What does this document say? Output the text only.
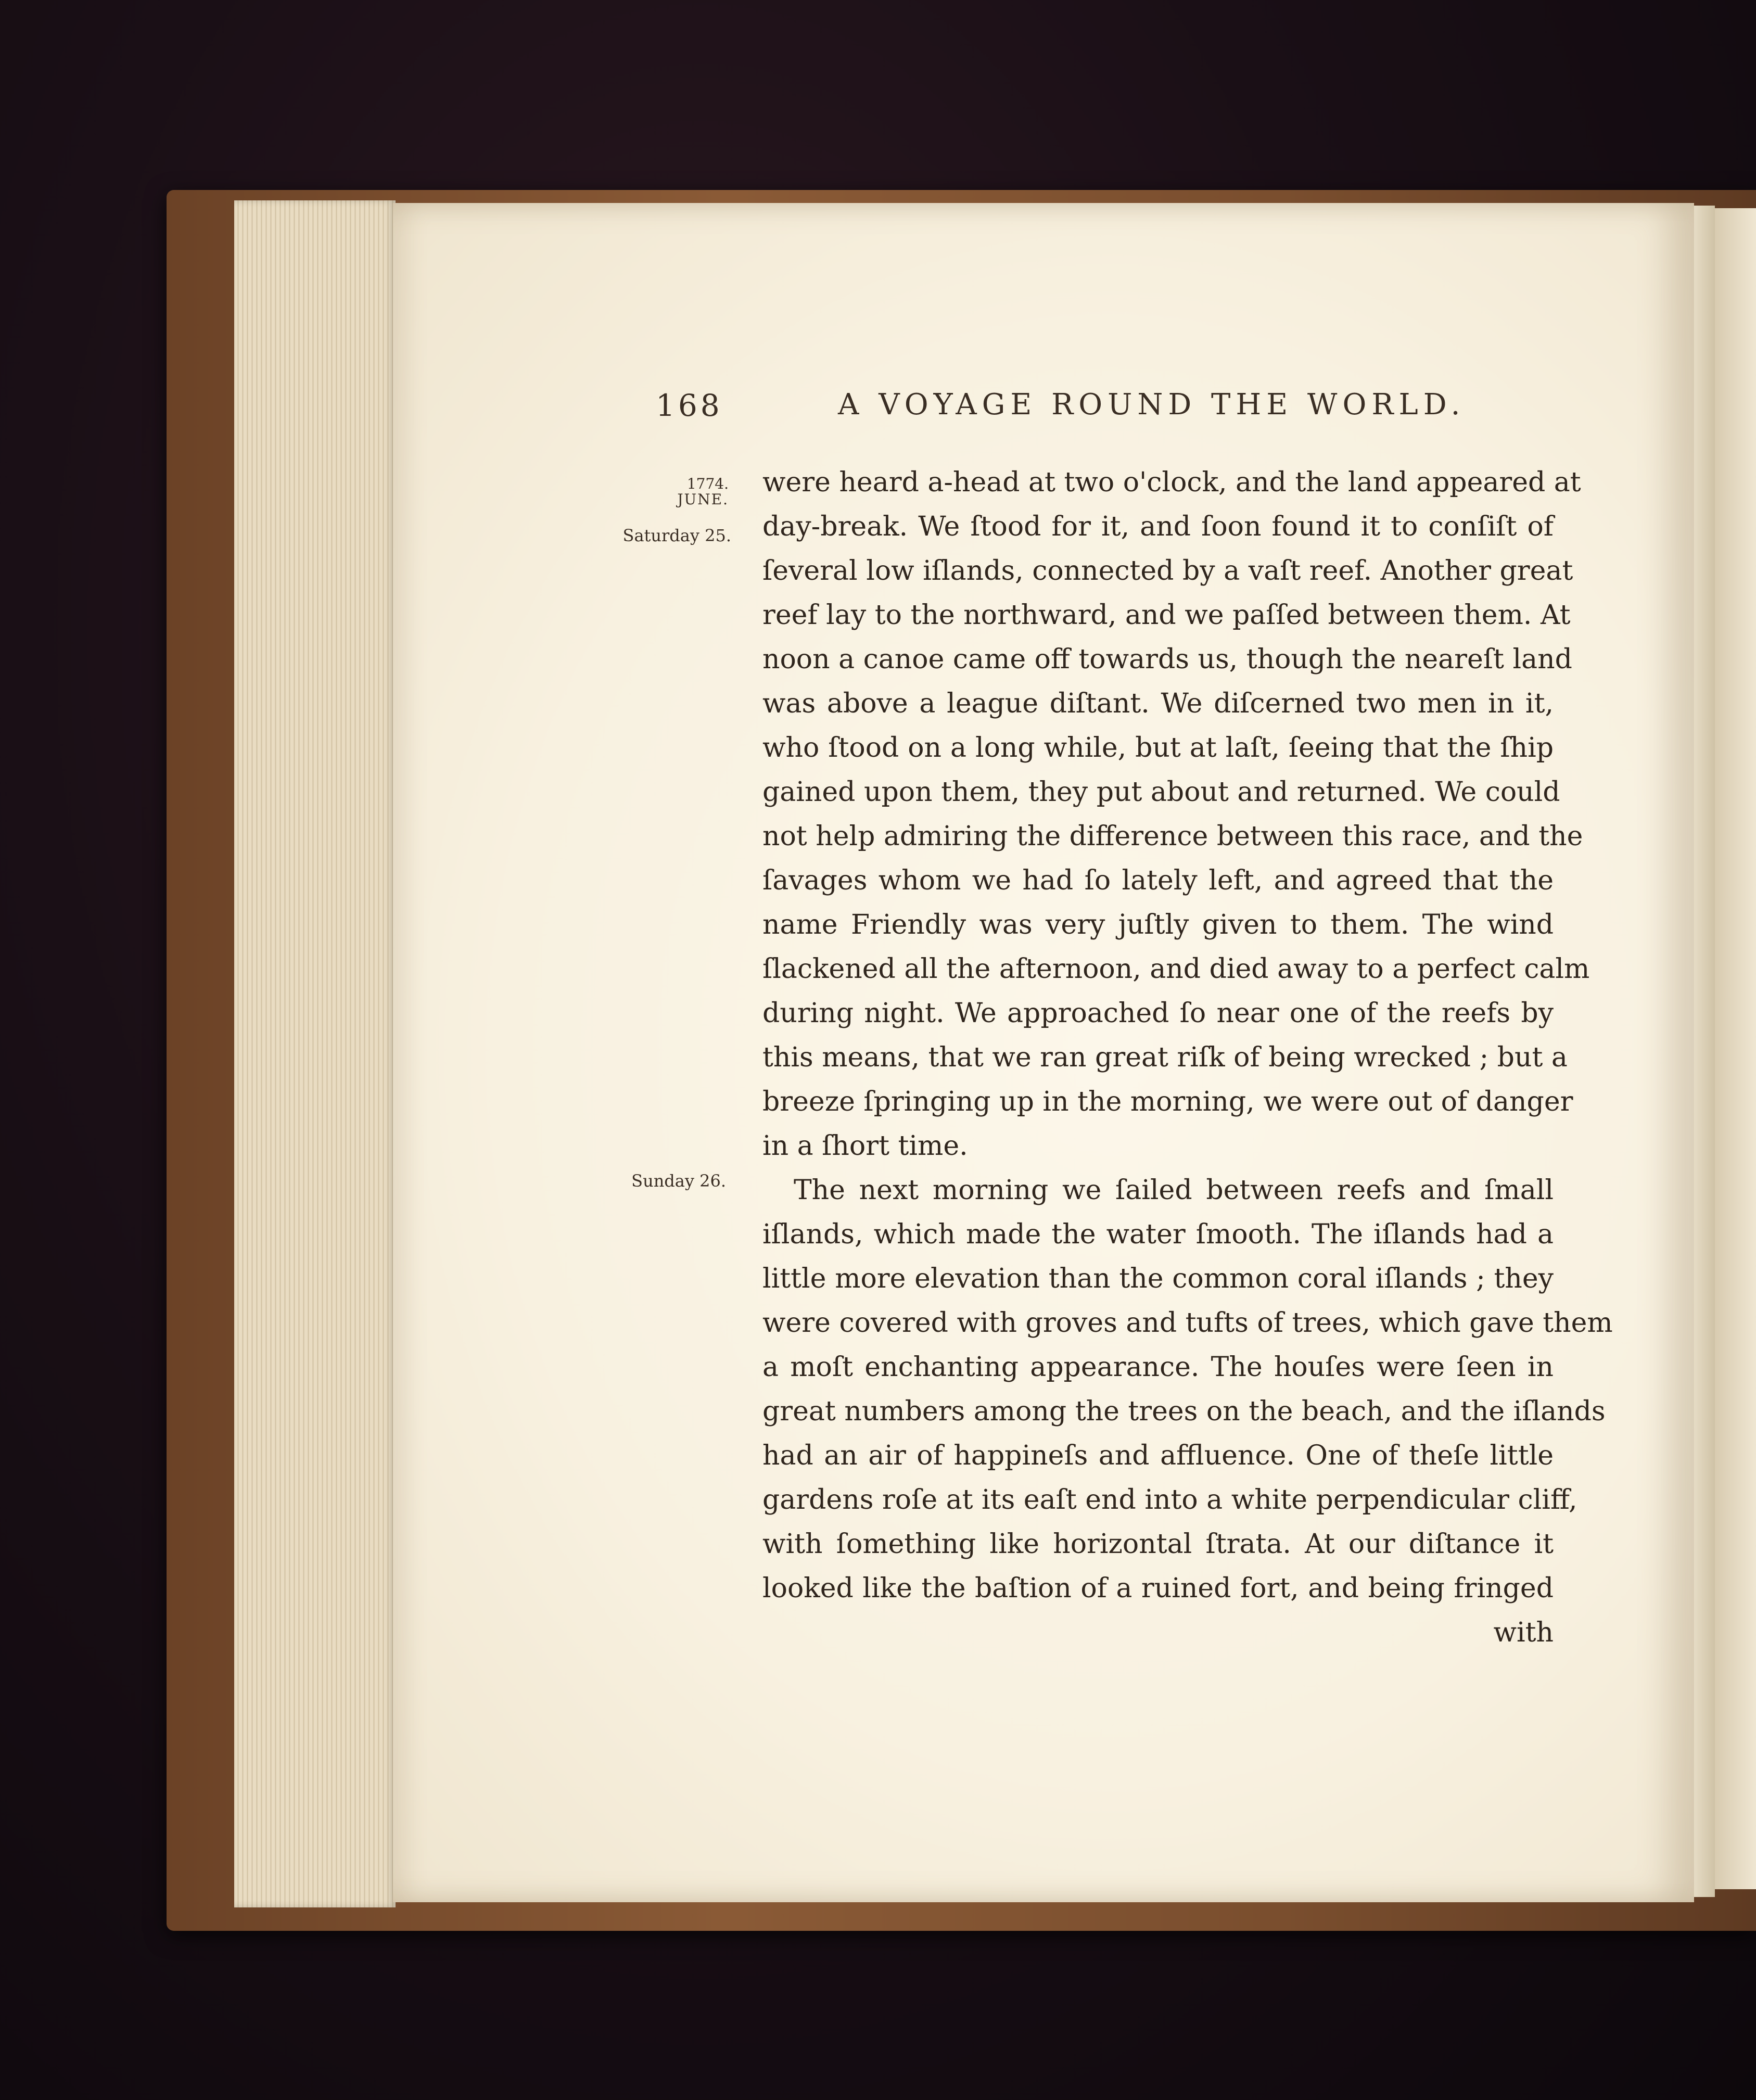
168	A VOYAGE ROUND THE WORLD.
1774.
JUNE.
Saturday 25.
Sunday 26.
were heard a-head at two o'clock, and the land appeared at
day-break. We ſtood for it, and ſoon found it to conſiſt of
ſeveral low iſlands, connected by a vaſt reef. Another great
reef lay to the northward, and we paſſed between them. At
noon a canoe came off towards us, though the neareſt land
was above a league diſtant. We diſcerned two men in it,
who ſtood on a long while, but at laſt, ſeeing that the ſhip
gained upon them, they put about and returned. We could
not help admiring the difference between this race, and the
ſavages whom we had ſo lately left, and agreed that the
name Friendly was very juſtly given to them. The wind
ſlackened all the afternoon, and died away to a perfect calm
during night. We approached ſo near one of the reefs by
this means, that we ran great riſk of being wrecked ; but a
breeze ſpringing up in the morning, we were out of danger
in a ſhort time.
The next morning we ſailed between reefs and ſmall
iſlands, which made the water ſmooth. The iſlands had a
little more elevation than the common coral iſlands ; they
were covered with groves and tufts of trees, which gave them
a moſt enchanting appearance. The houſes were ſeen in
great numbers among the trees on the beach, and the iſlands
had an air of happineſs and affluence. One of theſe little
gardens roſe at its eaſt end into a white perpendicular cliff,
with ſomething like horizontal ſtrata. At our diſtance it
looked like the baſtion of a ruined fort, and being fringed
with
